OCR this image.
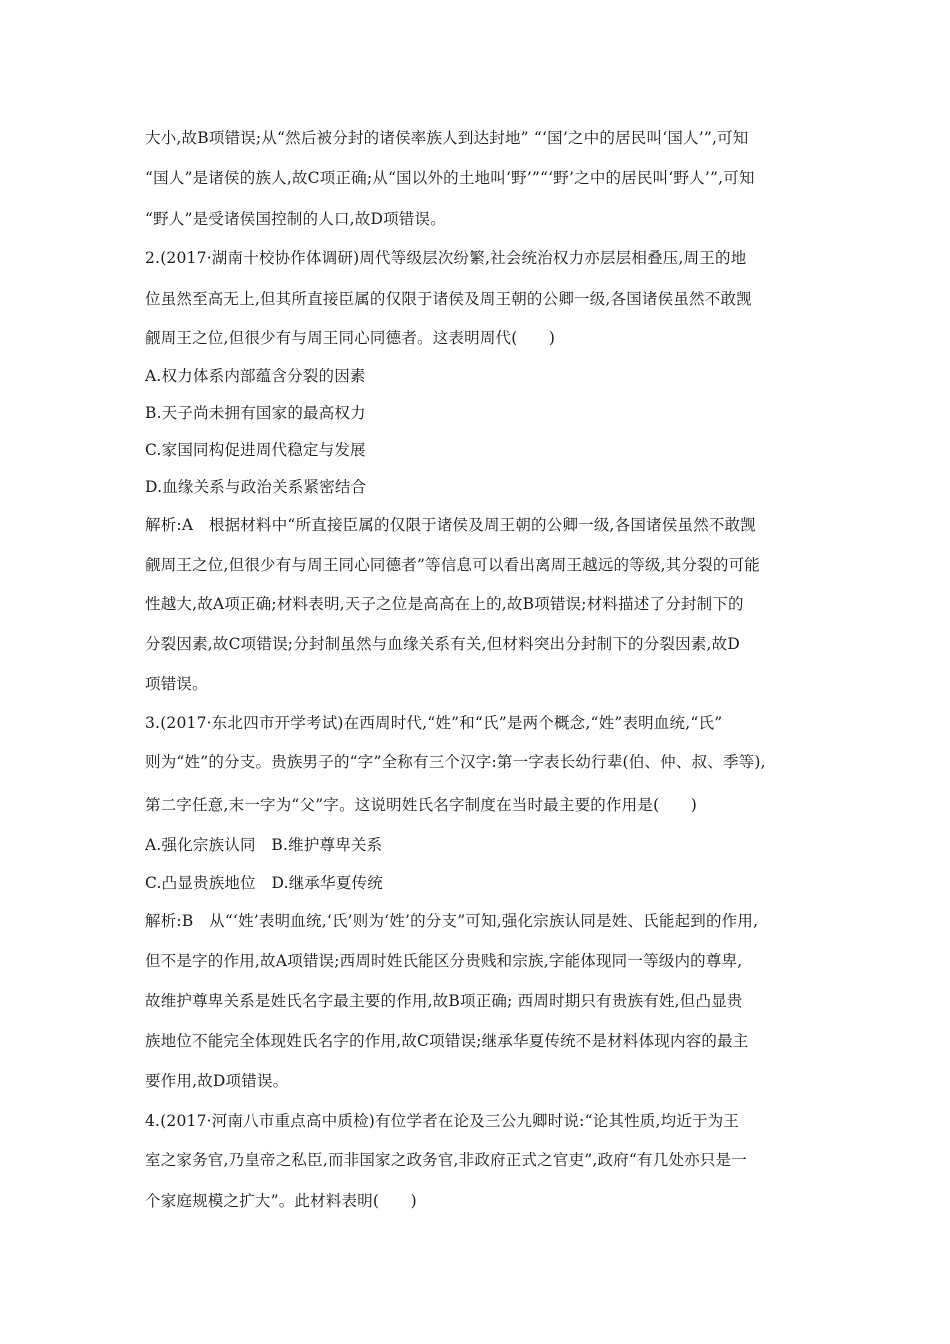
大小,故B项错误;从“然后被分封的诸侯率族人到达封地” “‘国’之中的居民叫‘国人’”,可知
“国人”是诸侯的族人,故C项正确;从“国以外的土地叫‘野’”“‘野’之中的居民叫‘野人’”,可知
“野人”是受诸侯国控制的人口,故D项错误。
2.(2017·湖南十校协作体调研)周代等级层次纷繁,社会统治权力亦层层相叠压,周王的地
位虽然至高无上,但其所直接臣属的仅限于诸侯及周王朝的公卿一级,各国诸侯虽然不敢觊
觎周王之位,但很少有与周王同心同德者。这表明周代(　　)
A.权力体系内部蕴含分裂的因素
B.天子尚未拥有国家的最高权力
C.家国同构促进周代稳定与发展
D.血缘关系与政治关系紧密结合
解析:A　根据材料中“所直接臣属的仅限于诸侯及周王朝的公卿一级,各国诸侯虽然不敢觊
觎周王之位,但很少有与周王同心同德者”等信息可以看出离周王越远的等级,其分裂的可能
性越大,故A项正确;材料表明,天子之位是高高在上的,故B项错误;材料描述了分封制下的
分裂因素,故C项错误;分封制虽然与血缘关系有关,但材料突出分封制下的分裂因素,故D
项错误。
3.(2017·东北四市开学考试)在西周时代,“姓”和“氏”是两个概念,“姓”表明血统,“氏”
则为“姓”的分支。贵族男子的“字”全称有三个汉字:第一字表长幼行辈(伯、仲、叔、季等),
第二字任意,末一字为“父”字。这说明姓氏名字制度在当时最主要的作用是(　　)
A.强化宗族认同　B.维护尊卑关系
C.凸显贵族地位　D.继承华夏传统
解析:B　从“‘姓’表明血统,‘氏’则为‘姓’的分支”可知,强化宗族认同是姓、氏能起到的作用,
但不是字的作用,故A项错误;西周时姓氏能区分贵贱和宗族,字能体现同一等级内的尊卑,
故维护尊卑关系是姓氏名字最主要的作用,故B项正确; 西周时期只有贵族有姓,但凸显贵
族地位不能完全体现姓氏名字的作用,故C项错误;继承华夏传统不是材料体现内容的最主
要作用,故D项错误。
4.(2017·河南八市重点高中质检)有位学者在论及三公九卿时说:“论其性质,均近于为王
室之家务官,乃皇帝之私臣,而非国家之政务官,非政府正式之官吏”,政府“有几处亦只是一
个家庭规模之扩大”。此材料表明(　　)
